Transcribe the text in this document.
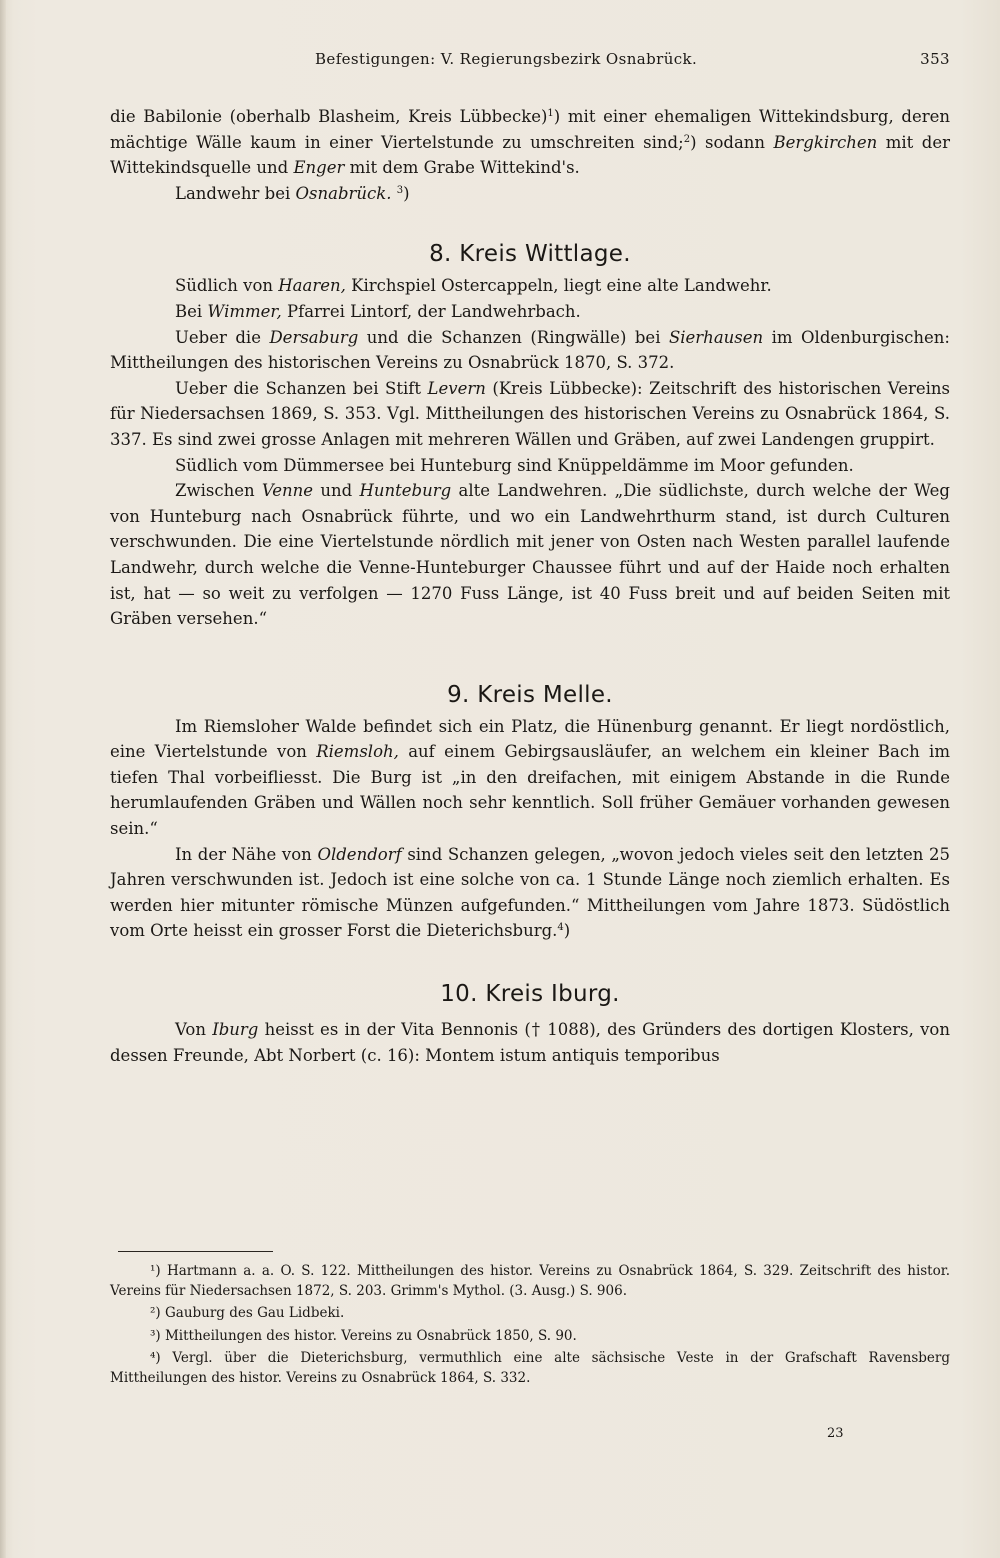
Befestigungen: V. Regierungsbezirk Osnabrück.	353

die Babilonie (oberhalb Blasheim, Kreis Lübbecke)$^1$) mit einer ehemaligen Wittekindsburg, deren mächtige Wälle kaum in einer Viertelstunde zu umschreiten sind;$^2$) sodann Bergkirchen mit der Wittekindsquelle und Enger mit dem Grabe Wittekind's.

Landwehr bei Osnabrück. $^3$)

8. Kreis Wittlage.

Südlich von Haaren, Kirchspiel Ostercappeln, liegt eine alte Landwehr.

Bei Wimmer, Pfarrei Lintorf, der Landwehrbach.

Ueber die Dersaburg und die Schanzen (Ringwälle) bei Sierhausen im Oldenburgischen: Mittheilungen des historischen Vereins zu Osnabrück 1870, S. 372.

Ueber die Schanzen bei Stift Levern (Kreis Lübbecke): Zeitschrift des historischen Vereins für Niedersachsen 1869, S. 353. Vgl. Mittheilungen des historischen Vereins zu Osnabrück 1864, S. 337. Es sind zwei grosse Anlagen mit mehreren Wällen und Gräben, auf zwei Landengen gruppirt.

Südlich vom Dümmersee bei Hunteburg sind Knüppeldämme im Moor gefunden.

Zwischen Venne und Hunteburg alte Landwehren. „Die südlichste, durch welche der Weg von Hunteburg nach Osnabrück führte, und wo ein Landwehrthurm stand, ist durch Culturen verschwunden. Die eine Viertelstunde nördlich mit jener von Osten nach Westen parallel laufende Landwehr, durch welche die Venne-Hunteburger Chaussee führt und auf der Haide noch erhalten ist, hat — so weit zu verfolgen — 1270 Fuss Länge, ist 40 Fuss breit und auf beiden Seiten mit Gräben versehen.“

9. Kreis Melle.

Im Riemsloher Walde befindet sich ein Platz, die Hünenburg genannt. Er liegt nordöstlich, eine Viertelstunde von Riemsloh, auf einem Gebirgsausläufer, an welchem ein kleiner Bach im tiefen Thal vorbeifliesst. Die Burg ist „in den dreifachen, mit einigem Abstande in die Runde herumlaufenden Gräben und Wällen noch sehr kenntlich. Soll früher Gemäuer vorhanden gewesen sein.“

In der Nähe von Oldendorf sind Schanzen gelegen, „wovon jedoch vieles seit den letzten 25 Jahren verschwunden ist. Jedoch ist eine solche von ca. 1 Stunde Länge noch ziemlich erhalten. Es werden hier mitunter römische Münzen aufgefunden.“ Mittheilungen vom Jahre 1873. Südöstlich vom Orte heisst ein grosser Forst die Dieterichsburg.$^4$)

10. Kreis Iburg.

Von Iburg heisst es in der Vita Bennonis († 1088), des Gründers des dortigen Klosters, von dessen Freunde, Abt Norbert (c. 16): Montem istum antiquis temporibus

¹) Hartmann a. a. O. S. 122. Mittheilungen des histor. Vereins zu Osnabrück 1864, S. 329. Zeitschrift des histor. Vereins für Niedersachsen 1872, S. 203. Grimm's Mythol. (3. Ausg.) S. 906.

²) Gauburg des Gau Lidbeki.

³) Mittheilungen des histor. Vereins zu Osnabrück 1850, S. 90.

⁴) Vergl. über die Dieterichsburg, vermuthlich eine alte sächsische Veste in der Grafschaft Ravensberg Mittheilungen des histor. Vereins zu Osnabrück 1864, S. 332.

23
